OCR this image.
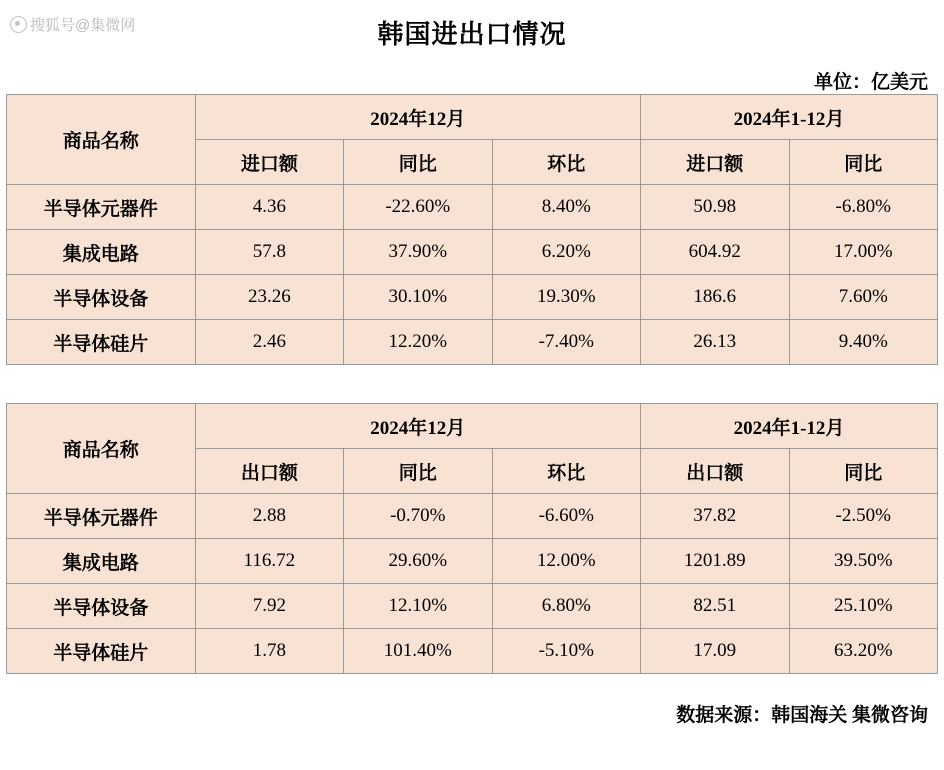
搜狐号@集微网	韩国进出口情况
单位：亿美元
商品名称	2024年12月			2024年1-12月	
	进口额	同比	环比	进口额	同比
半导体元器件	4.36	-22.60%	8.40%	50.98	-6.80%
集成电路	57.8	37.90%	6.20%	604.92	17.00%
半导体设备	23.26	30.10%	19.30%	186.6	7.60%
半导体硅片	2.46	12.20%	-7.40%	26.13	9.40%
商品名称	2024年12月			2024年1-12月	
	出口额	同比	环比	出口额	同比
半导体元器件	2.88	-0.70%	-6.60%	37.82	-2.50%
集成电路	116.72	29.60%	12.00%	1201.89	39.50%
半导体设备	7.92	12.10%	6.80%	82.51	25.10%
半导体硅片	1.78	101.40%	-5.10%	17.09	63.20%
数据来源：韩国海关 集微咨询
